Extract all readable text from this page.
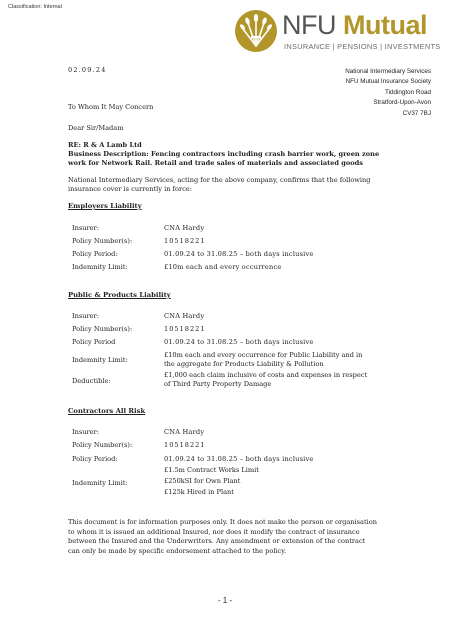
Classification: Internal
NFU Mutual
INSURANCE | PENSIONS | INVESTMENTS
02.09.24	National Intermediary Services
NFU Mutual Insurance Society
Tiddington Road
Stratford-Upon-Avon
CV37 7BJ
To Whom It May Concern
Dear Sir/Madam
RE: R & A Lamb Ltd
Business Description: Fencing contractors including crash barrier work, green zone
work for Network Rail. Retail and trade sales of materials and associated goods
National Intermediary Services, acting for the above company, confirms that the following
insurance cover is currently in force:
Employers Liability
Insurer:	CNA Hardy
Policy Number(s):	10518221
Policy Period:	01.09.24 to 31.08.25 – both days inclusive
Indemnity Limit:	£10m each and every occurrence
Public & Products Liability
Insurer:	CNA Hardy
Policy Number(s):	10518221
Policy Period	01.09.24 to 31.08.25 – both days inclusive
Indemnity Limit:
£10m each and every occurrence for Public Liability and in
the aggregate for Products Liability & Pollution
Deductible:
£1,000 each claim inclusive of costs and expenses in respect
of Third Party Property Damage
Contractors All Risk
Insurer:	CNA Hardy
Policy Number(s):	10518221
Policy Period:	01.09.24 to 31.08.25 – both days inclusive
Indemnity Limit:
£1.5m Contract Works Limit
£250kSI for Own Plant
£125k Hired in Plant
This document is for information purposes only. It does not make the person or organisation
to whom it is issued an additional Insured, nor does it modify the contract of insurance
between the Insured and the Underwriters. Any amendment or extension of the contract
can only be made by specific endorsement attached to the policy.
- 1 -
